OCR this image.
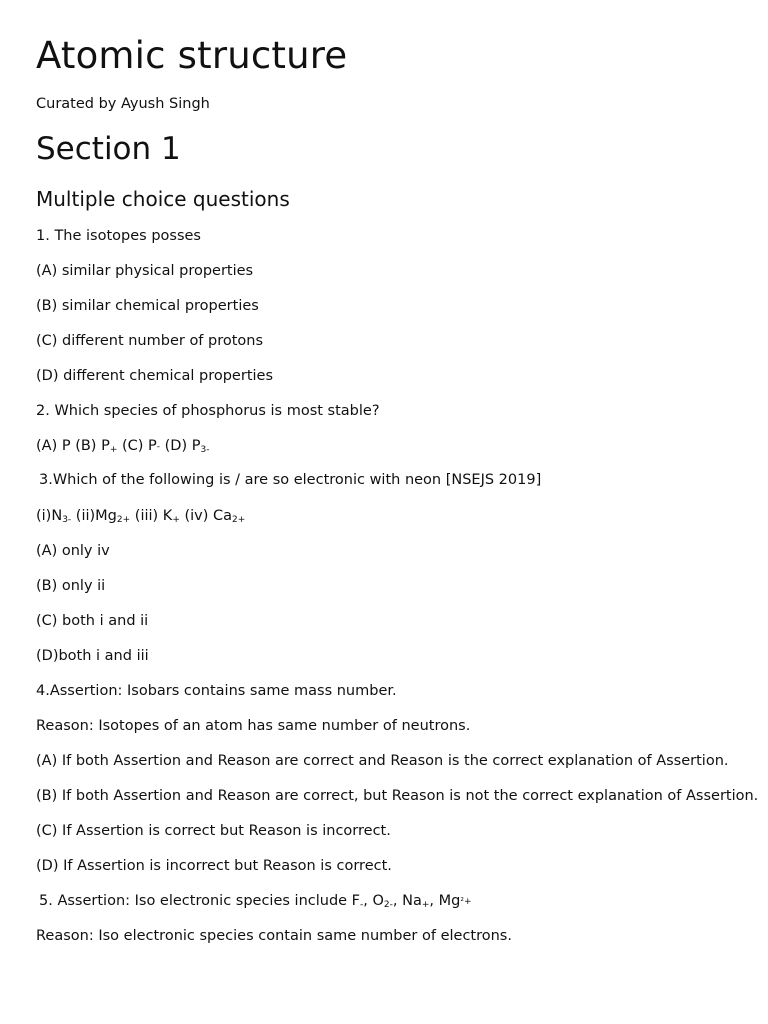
Atomic structure
Curated by Ayush Singh
Section 1
Multiple choice questions
1. The isotopes posses
(A) similar physical properties
(B) similar chemical properties
(C) different number of protons
(D) different chemical properties
2. Which species of phosphorus is most stable?
(A) P (B) P+ (C) P- (D) P3-
3.Which of the following is / are so electronic with neon [NSEJS 2019]
(i)N3- (ii)Mg2+ (iii) K+ (iv) Ca2+
(A) only iv
(B) only ii
(C) both i and ii
(D)both i and iii
4.Assertion: Isobars contains same mass number.
Reason: Isotopes of an atom has same number of neutrons.
(A) If both Assertion and Reason are correct and Reason is the correct explanation of Assertion.
(B) If both Assertion and Reason are correct, but Reason is not the correct explanation of Assertion.
(C) If Assertion is correct but Reason is incorrect.
(D) If Assertion is incorrect but Reason is correct.
5. Assertion: Iso electronic species include F-, O2-, Na+, Mg²+
Reason: Iso electronic species contain same number of electrons.
